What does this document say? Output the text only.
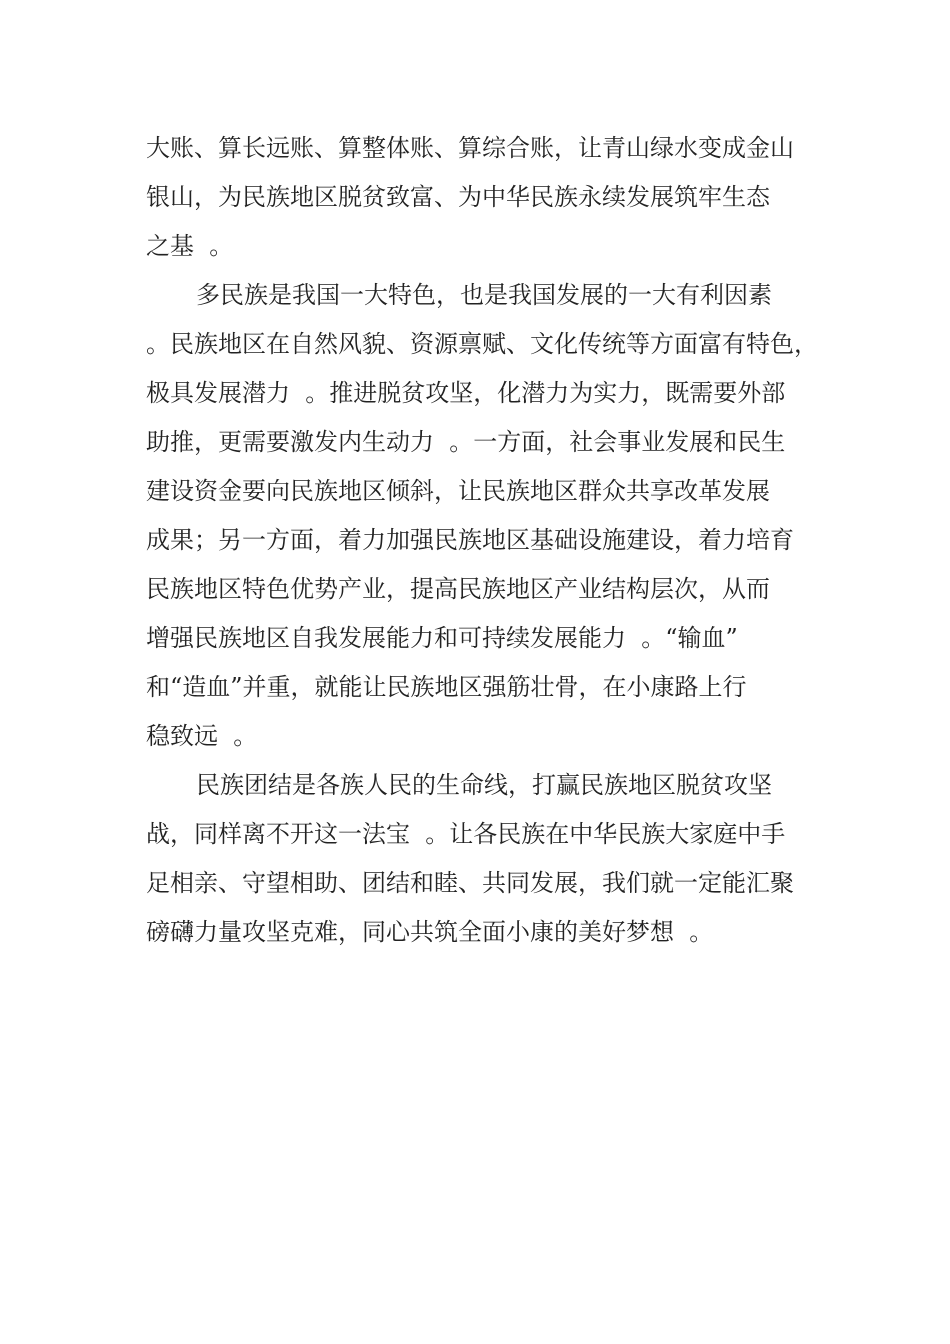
大账、算长远账、算整体账、算综合账，让青山绿水变成金山
银山，为民族地区脱贫致富、为中华民族永续发展筑牢生态
之基  。
多民族是我国一大特色，也是我国发展的一大有利因素
。民族地区在自然风貌、资源禀赋、文化传统等方面富有特色，
极具发展潜力  。推进脱贫攻坚，化潜力为实力，既需要外部
助推，更需要激发内生动力  。一方面，社会事业发展和民生
建设资金要向民族地区倾斜，让民族地区群众共享改革发展
成果；另一方面，着力加强民族地区基础设施建设，着力培育
民族地区特色优势产业，提高民族地区产业结构层次，从而
增强民族地区自我发展能力和可持续发展能力  。“输血”
和“造血”并重，就能让民族地区强筋壮骨，在小康路上行
稳致远  。
民族团结是各族人民的生命线，打赢民族地区脱贫攻坚
战，同样离不开这一法宝  。让各民族在中华民族大家庭中手
足相亲、守望相助、团结和睦、共同发展，我们就一定能汇聚
磅礴力量攻坚克难，同心共筑全面小康的美好梦想  。
